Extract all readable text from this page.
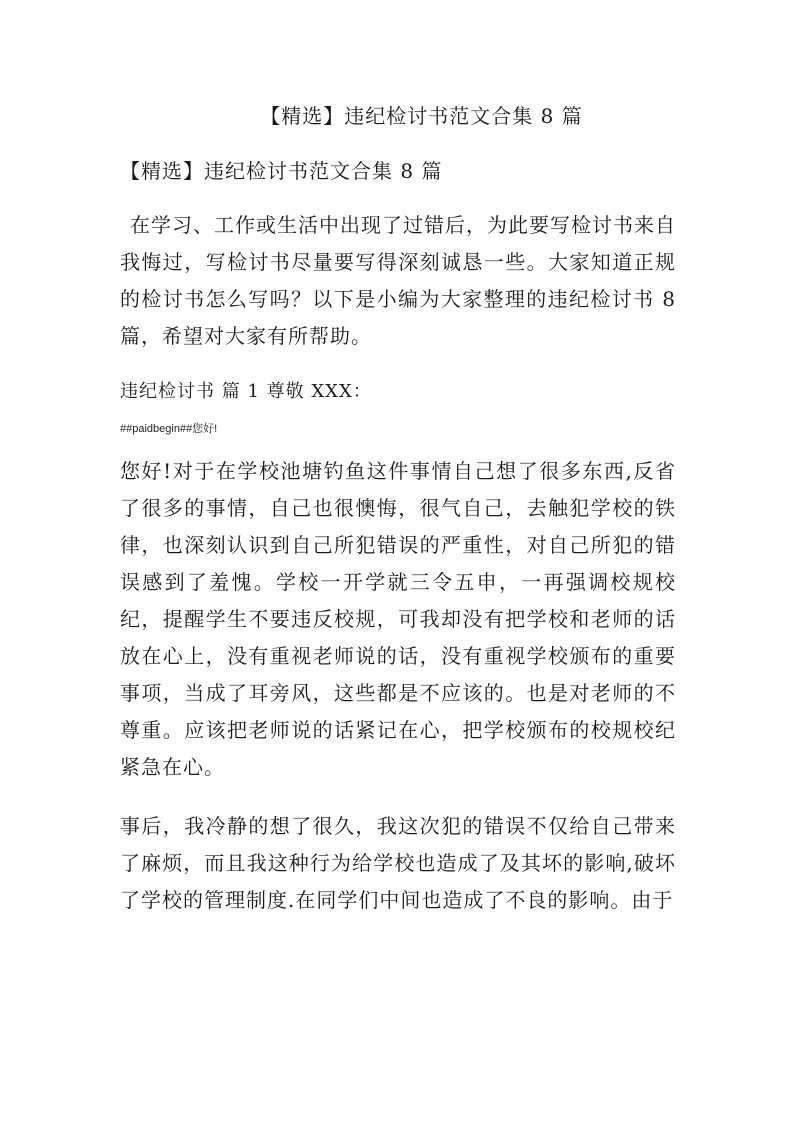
【精选】违纪检讨书范文合集 8 篇

【精选】违纪检讨书范文合集 8 篇

在学习、工作或生活中出现了过错后，为此要写检讨书来自我悔过，写检讨书尽量要写得深刻诚恳一些。大家知道正规的检讨书怎么写吗？以下是小编为大家整理的违纪检讨书 8 篇，希望对大家有所帮助。

违纪检讨书 篇 1 尊敬 XXX：

##paidbegin##您好!

您好!对于在学校池塘钓鱼这件事情自己想了很多东西,反省了很多的事情，自己也很懊悔，很气自己，去触犯学校的铁律，也深刻认识到自己所犯错误的严重性，对自己所犯的错误感到了羞愧。学校一开学就三令五申，一再强调校规校纪，提醒学生不要违反校规，可我却没有把学校和老师的话放在心上，没有重视老师说的话，没有重视学校颁布的重要事项，当成了耳旁风，这些都是不应该的。也是对老师的不尊重。应该把老师说的话紧记在心，把学校颁布的校规校纪紧急在心。

事后，我冷静的想了很久，我这次犯的错误不仅给自己带来了麻烦，而且我这种行为给学校也造成了及其坏的影响,破坏了学校的管理制度.在同学们中间也造成了不良的影响。由于
